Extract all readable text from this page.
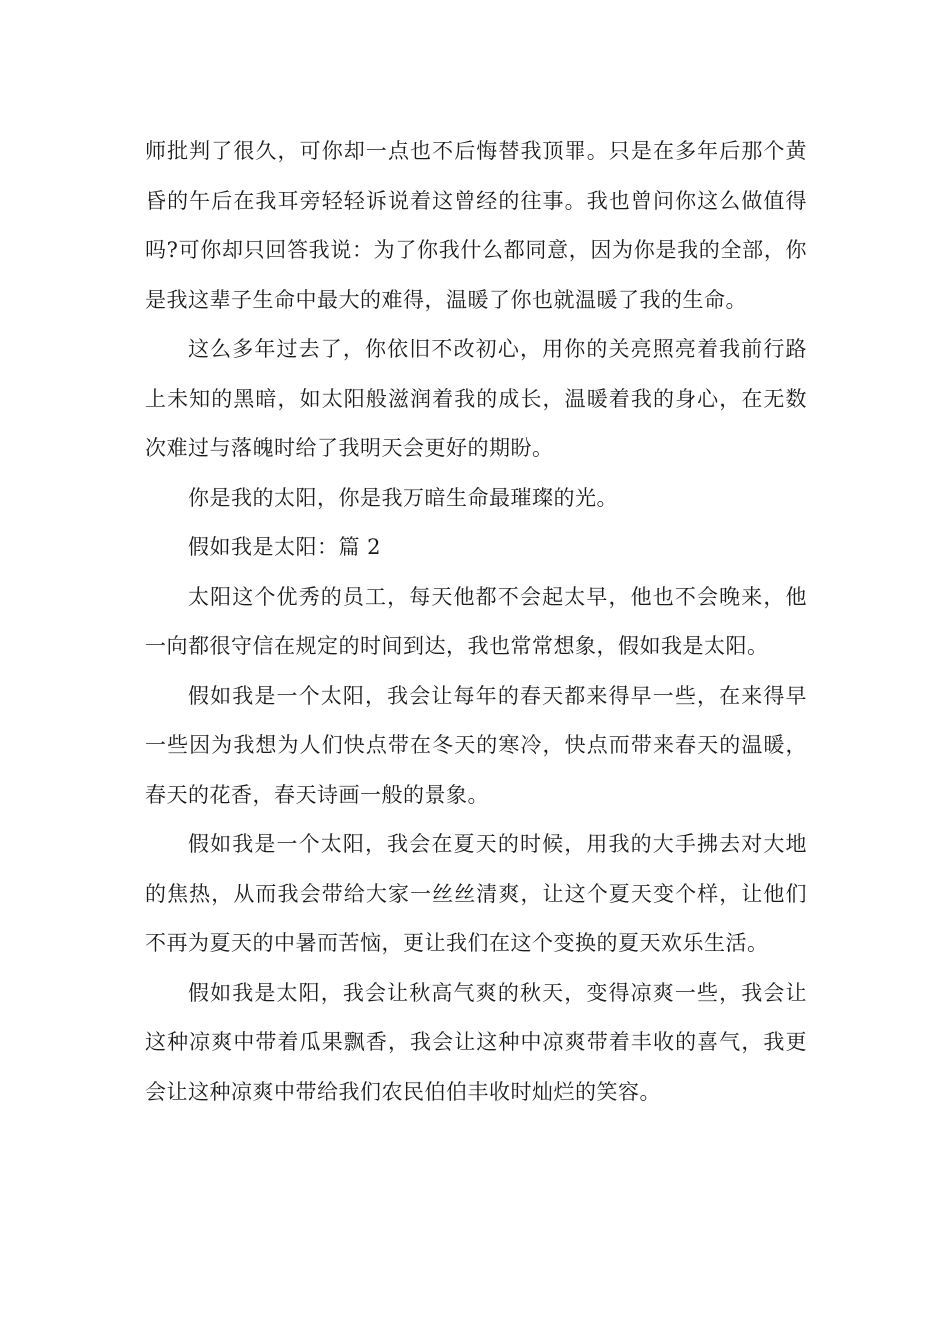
师批判了很久，可你却一点也不后悔替我顶罪。只是在多年后那个黄昏的午后在我耳旁轻轻诉说着这曾经的往事。我也曾问你这么做值得吗?可你却只回答我说：为了你我什么都同意，因为你是我的全部，你是我这辈子生命中最大的难得，温暖了你也就温暖了我的生命。

这么多年过去了，你依旧不改初心，用你的关亮照亮着我前行路上未知的黑暗，如太阳般滋润着我的成长，温暖着我的身心，在无数次难过与落魄时给了我明天会更好的期盼。

你是我的太阳，你是我万暗生命最璀璨的光。

假如我是太阳：篇 2

太阳这个优秀的员工，每天他都不会起太早，他也不会晚来，他一向都很守信在规定的时间到达，我也常常想象，假如我是太阳。

假如我是一个太阳，我会让每年的春天都来得早一些，在来得早一些因为我想为人们快点带在冬天的寒冷，快点而带来春天的温暖，春天的花香，春天诗画一般的景象。

假如我是一个太阳，我会在夏天的时候，用我的大手拂去对大地的焦热，从而我会带给大家一丝丝清爽，让这个夏天变个样，让他们不再为夏天的中暑而苦恼，更让我们在这个变换的夏天欢乐生活。

假如我是太阳，我会让秋高气爽的秋天，变得凉爽一些，我会让这种凉爽中带着瓜果飘香，我会让这种中凉爽带着丰收的喜气，我更会让这种凉爽中带给我们农民伯伯丰收时灿烂的笑容。
